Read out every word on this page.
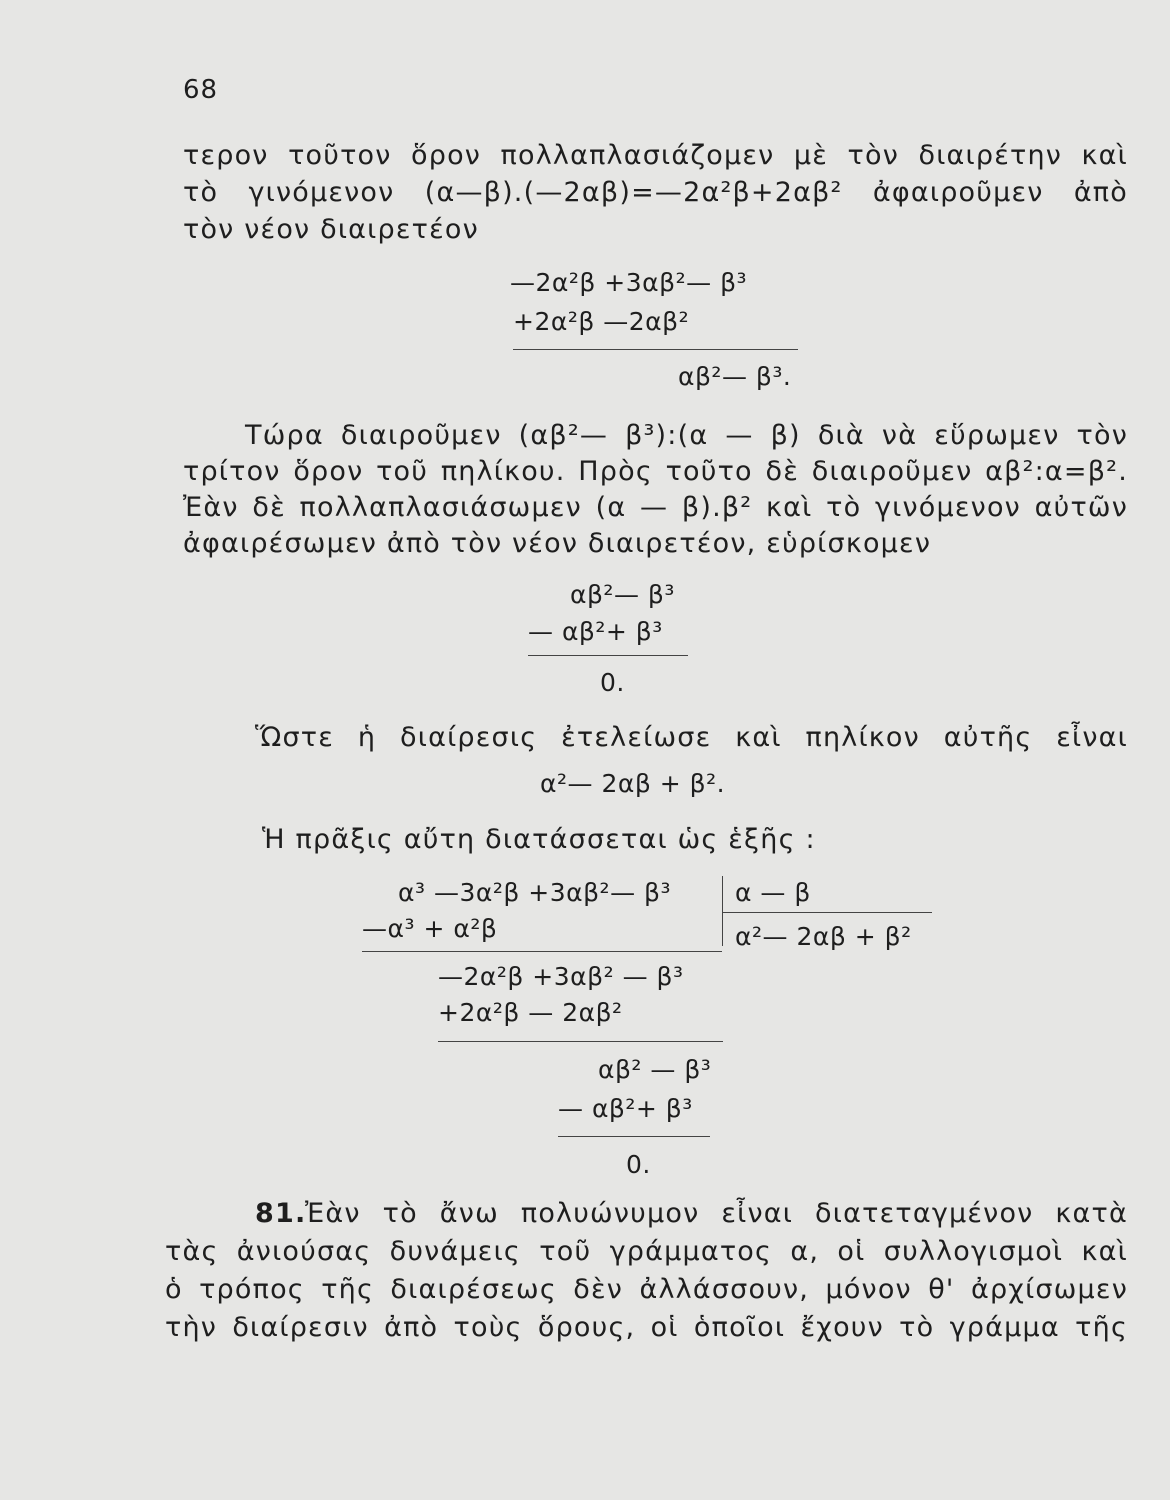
68
τερον τοῦτον ὅρον πολλαπλασιάζομεν μὲ τὸν διαιρέτην καὶ
τὸ γινόμενον (α—β).(—2αβ)=—2α²β+2αβ² ἀφαιροῦμεν ἀπὸ
τὸν νέον διαιρετέον
—2α²β +3αβ²— β³
+2α²β —2αβ²
αβ²— β³.
Τώρα διαιροῦμεν (αβ²— β³):(α — β) διὰ νὰ εὕρωμεν τὸν
τρίτον ὅρον τοῦ πηλίκου. Πρὸς τοῦτο δὲ διαιροῦμεν αβ²:α=β².
Ἐὰν δὲ πολλαπλασιάσωμεν (α — β).β² καὶ τὸ γινόμενον αὐτῶν
ἀφαιρέσωμεν ἀπὸ τὸν νέον διαιρετέον, εὑρίσκομεν
αβ²— β³
— αβ²+ β³
0.
Ὥστε ἡ διαίρεσις ἐτελείωσε καὶ πηλίκον αὐτῆς εἶναι
α²— 2αβ + β².
Ἡ πρᾶξις αὔτη διατάσσεται ὡς ἑξῆς :
α³ —3α²β +3αβ²— β³	α — β
α²— 2αβ + β²
—α³ + α²β
—2α²β +3αβ² — β³
+2α²β — 2αβ²
αβ² — β³
— αβ²+ β³
0.
81.
Ἐὰν τὸ ἄνω πολυώνυμον εἶναι διατεταγμένον κατὰ
τὰς ἀνιούσας δυνάμεις τοῦ γράμματος α, οἱ συλλογισμοὶ καὶ
ὁ τρόπος τῆς διαιρέσεως δὲν ἀλλάσσουν, μόνον θ' ἀρχίσωμεν
τὴν διαίρεσιν ἀπὸ τοὺς ὅρους, οἱ ὁποῖοι ἔχουν τὸ γράμμα τῆς
